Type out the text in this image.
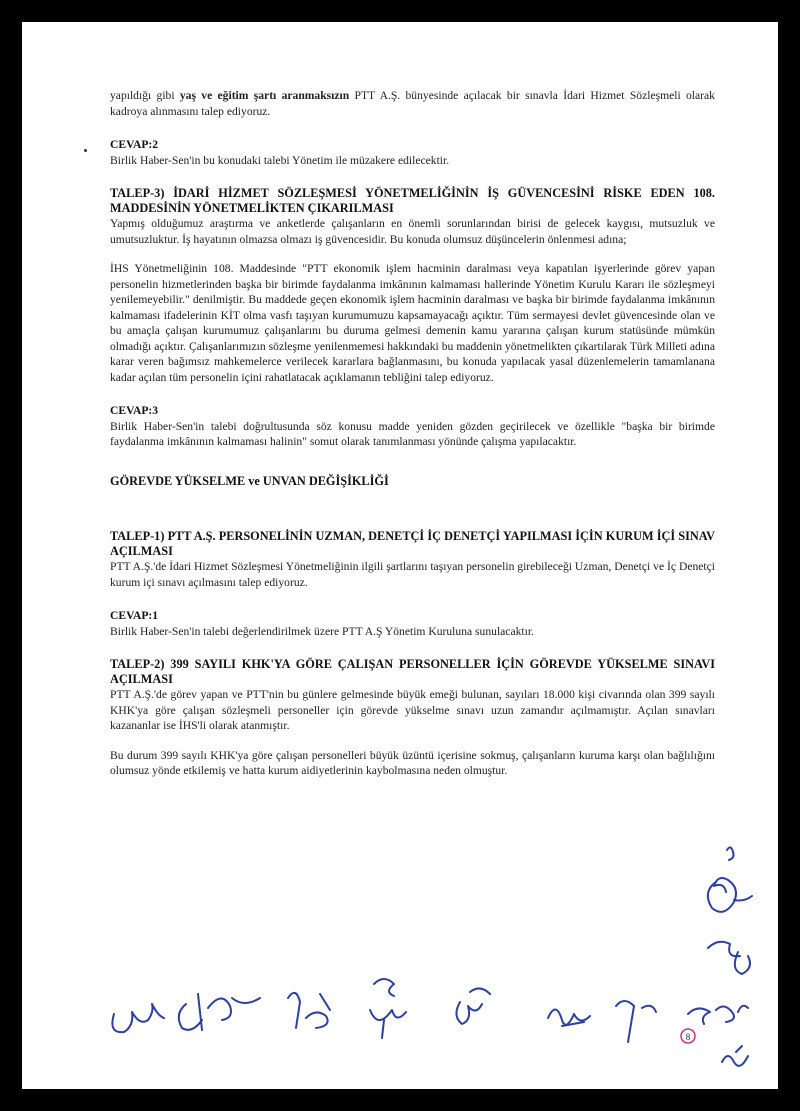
yapıldığı gibi yaş ve eğitim şartı aranmaksızın PTT A.Ş. bünyesinde açılacak bir sınavla İdari Hizmet Sözleşmeli olarak kadroya alınmasını talep ediyoruz.

CEVAP:2

Birlik Haber-Sen'in bu konudaki talebi Yönetim ile müzakere edilecektir.

TALEP-3) İDARİ HİZMET SÖZLEŞMESİ YÖNETMELİĞİNİN İŞ GÜVENCESİNİ RİSKE EDEN 108. MADDESİNİN YÖNETMELİKTEN ÇIKARILMASI

Yapmış olduğumuz araştırma ve anketlerde çalışanların en önemli sorunlarından birisi de gelecek kaygısı, mutsuzluk ve umutsuzluktur. İş hayatının olmazsa olmazı iş güvencesidir. Bu konuda olumsuz düşüncelerin önlenmesi adına;

İHS Yönetmeliğinin 108. Maddesinde "PTT ekonomik işlem hacminin daralması veya kapatılan işyerlerinde görev yapan personelin hizmetlerinden başka bir birimde faydalanma imkânının kalmaması hallerinde Yönetim Kurulu Kararı ile sözleşmeyi yenilemeyebilir." denilmiştir. Bu maddede geçen ekonomik işlem hacminin daralması ve başka bir birimde faydalanma imkânının kalmaması ifadelerinin KİT olma vasfı taşıyan kurumumuzu kapsamayacağı açıktır. Tüm sermayesi devlet güvencesinde olan ve bu amaçla çalışan kurumumuz çalışanlarını bu duruma gelmesi demenin kamu yararına çalışan kurum statüsünde mümkün olmadığı açıktır. Çalışanlarımızın sözleşme yenilenmemesi hakkındaki bu maddenin yönetmelikten çıkartılarak Türk Milleti adına karar veren bağımsız mahkemelerce verilecek kararlara bağlanmasını, bu konuda yapılacak yasal düzenlemelerin tamamlanana kadar açılan tüm personelin içini rahatlatacak açıklamanın tebliğini talep ediyoruz.

CEVAP:3

Birlik Haber-Sen'in talebi doğrultusunda söz konusu madde yeniden gözden geçirilecek ve özellikle "başka bir birimde faydalanma imkânının kalmaması halinin" somut olarak tanımlanması yönünde çalışma yapılacaktır.

GÖREVDE YÜKSELME ve UNVAN DEĞİŞİKLİĞİ

TALEP-1) PTT A.Ş. PERSONELİNİN UZMAN, DENETÇİ İÇ DENETÇİ YAPILMASI İÇİN KURUM İÇİ SINAV AÇILMASI

PTT A.Ş.'de İdari Hizmet Sözleşmesi Yönetmeliğinin ilgili şartlarını taşıyan personelin girebileceği Uzman, Denetçi ve İç Denetçi kurum içi sınavı açılmasını talep ediyoruz.

CEVAP:1

Birlik Haber-Sen'in talebi değerlendirilmek üzere PTT A.Ş Yönetim Kuruluna sunulacaktır.

TALEP-2) 399 SAYILI KHK'YA GÖRE ÇALIŞAN PERSONELLER İÇİN GÖREVDE YÜKSELME SINAVI AÇILMASI

PTT A.Ş.'de görev yapan ve PTT'nin bu günlere gelmesinde büyük emeği bulunan, sayıları 18.000 kişi civarında olan 399 sayılı KHK'ya göre çalışan sözleşmeli personeller için görevde yükselme sınavı uzun zamandır açılmamıştır. Açılan sınavları kazananlar ise İHS'li olarak atanmıştır.

Bu durum 399 sayılı KHK'ya göre çalışan personelleri büyük üzüntü içerisine sokmuş, çalışanların kuruma karşı olan bağlılığını olumsuz yönde etkilemiş ve hatta kurum aidiyetlerinin kaybolmasına neden olmuştur.

8
